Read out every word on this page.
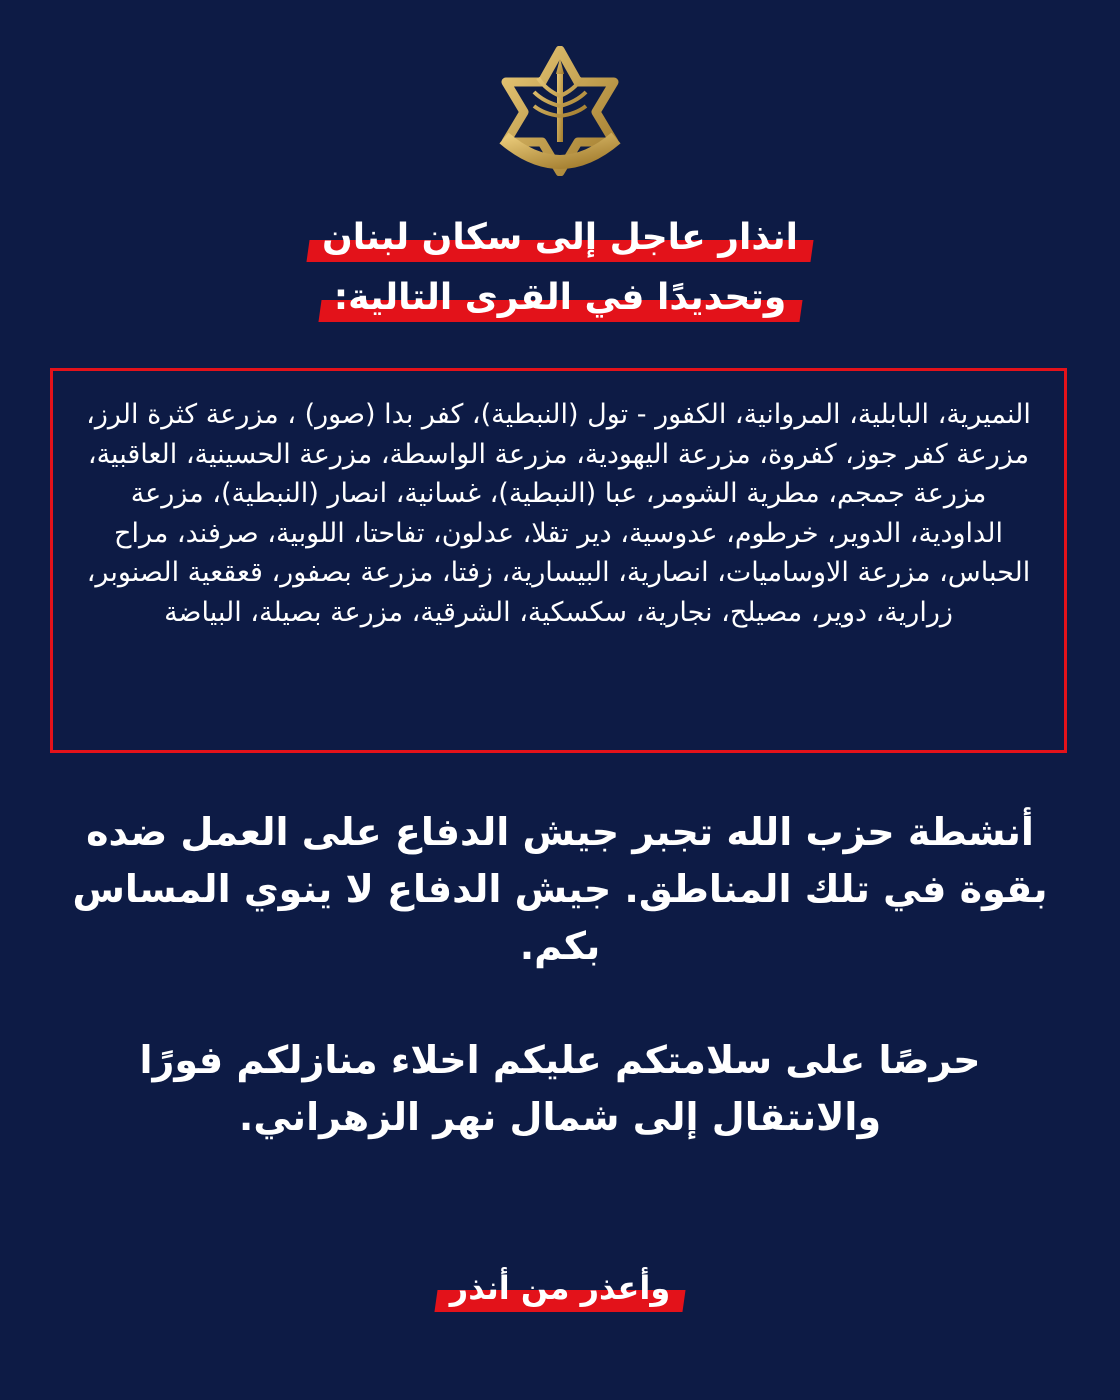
انذار عاجل إلى سكان لبنان
وتحديدًا في القرى التالية:
النميرية، البابلية، المروانية، الكفور - تول (النبطية)، كفر بدا (صور) ، مزرعة كثرة الرز، مزرعة كفر جوز، كفروة، مزرعة اليهودية، مزرعة الواسطة، مزرعة الحسينية، العاقبية، مزرعة جمجم، مطرية الشومر، عبا (النبطية)، غسانية، انصار (النبطية)، مزرعة الداودية، الدوير، خرطوم، عدوسية، دير تقلا، عدلون، تفاحتا، اللوبية، صرفند، مراح الحباس، مزرعة الاوساميات، انصارية، البيسارية، زفتا، مزرعة بصفور، قعقعية الصنوبر، زرارية، دوير، مصيلح، نجارية، سكسكية، الشرقية، مزرعة بصيلة، البياضة
أنشطة حزب الله تجبر جيش الدفاع على العمل ضده بقوة في تلك المناطق. جيش الدفاع لا ينوي المساس بكم.
حرصًا على سلامتكم عليكم اخلاء منازلكم فورًا والانتقال إلى شمال نهر الزهراني.
وأعذر من أنذر
